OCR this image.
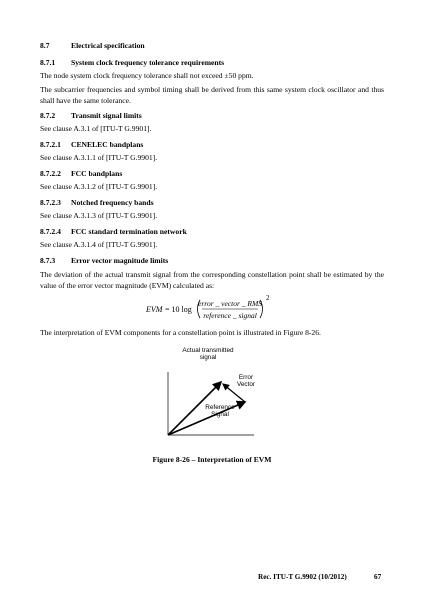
8.7	Electrical specification
8.7.1 System clock frequency tolerance requirements
The node system clock frequency tolerance shall not exceed ±50 ppm.
The subcarrier frequencies and symbol timing shall be derived from this same system clock oscillator and thus shall have the same tolerance.
8.7.2 Transmit signal limits
See clause A.3.1 of [ITU-T G.9901].
8.7.2.1 CENELEC bandplans
See clause A.3.1.1 of [ITU-T G.9901].
8.7.2.2 FCC bandplans
See clause A.3.1.2 of [ITU-T G.9901].
8.7.2.3 Notched frequency bands
See clause A.3.1.3 of [ITU-T G.9901].
8.7.2.4 FCC standard termination network
See clause A.3.1.4 of [ITU-T G.9901].
8.7.3 Error vector magnitude limits
The deviation of the actual transmit signal from the corresponding constellation point shall be estimated by the value of the error vector magnitude (EVM) calculated as:
EVM = 10 log
error _ vector _ RMS
reference _ signal
2
The interpretation of EVM components for a constellation point is illustrated in Figure 8-26.
Actual transmitted signal
Error Vector
Reference Signal
Figure 8-26 – Interpretation of EVM
Rec. ITU-T G.9902 (10/2012)	67
